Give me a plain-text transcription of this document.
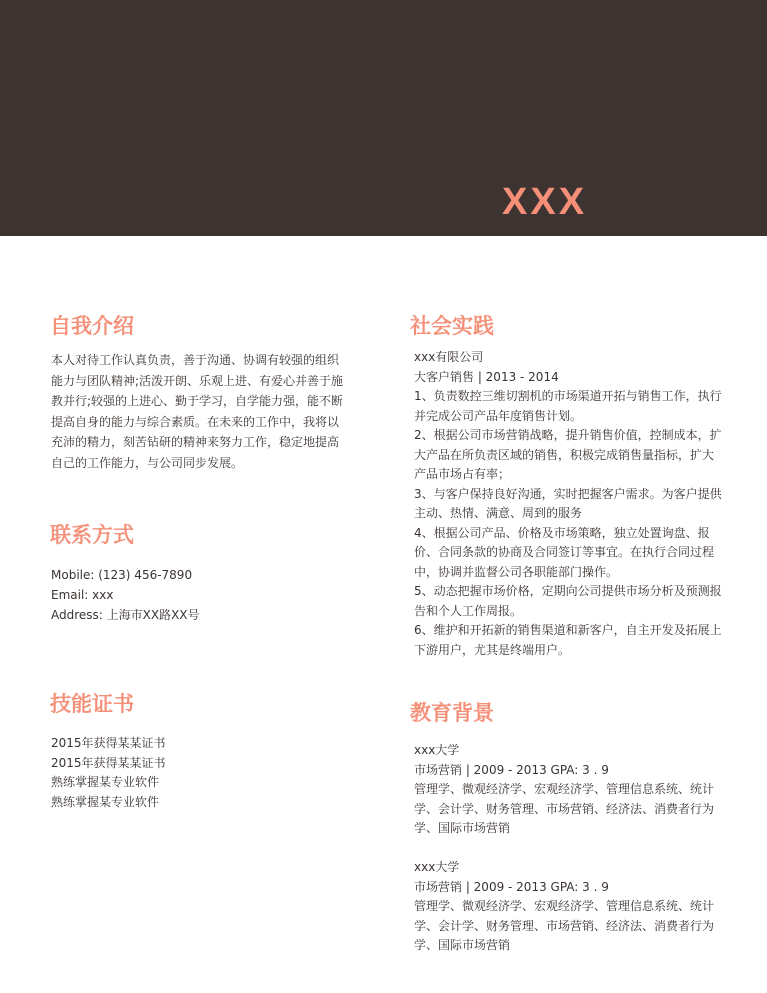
XXX
自我介绍
本人对待工作认真负责，善于沟通、协调有较强的组织
能力与团队精神;活泼开朗、乐观上进、有爱心并善于施
教并行;较强的上进心、勤于学习，自学能力强，能不断
提高自身的能力与综合素质。在未来的工作中，我将以
充沛的精力，刻苦钻研的精神来努力工作，稳定地提高
自己的工作能力，与公司同步发展。
联系方式
Mobile: (123) 456-7890
Email: xxx
Address: 上海市XX路XX号
技能证书
2015年获得某某证书
2015年获得某某证书
熟练掌握某专业软件
熟练掌握某专业软件
社会实践
xxx有限公司
大客户销售 | 2013 - 2014
1、负责数控三维切割机的市场渠道开拓与销售工作，执行
并完成公司产品年度销售计划。
2、根据公司市场营销战略，提升销售价值，控制成本，扩
大产品在所负责区域的销售，积极完成销售量指标，扩大
产品市场占有率；
3、与客户保持良好沟通，实时把握客户需求。为客户提供
主动、热情、满意、周到的服务
4、根据公司产品、价格及市场策略，独立处置询盘、报
价、合同条款的协商及合同签订等事宜。在执行合同过程
中，协调并监督公司各职能部门操作。
5、动态把握市场价格，定期向公司提供市场分析及预测报
告和个人工作周报。
6、维护和开拓新的销售渠道和新客户，自主开发及拓展上
下游用户，尤其是终端用户。
教育背景
xxx大学
市场营销 | 2009 - 2013 GPA: 3 . 9
管理学、微观经济学、宏观经济学、管理信息系统、统计
学、会计学、财务管理、市场营销、经济法、消费者行为
学、国际市场营销
xxx大学
市场营销 | 2009 - 2013 GPA: 3 . 9
管理学、微观经济学、宏观经济学、管理信息系统、统计
学、会计学、财务管理、市场营销、经济法、消费者行为
学、国际市场营销
